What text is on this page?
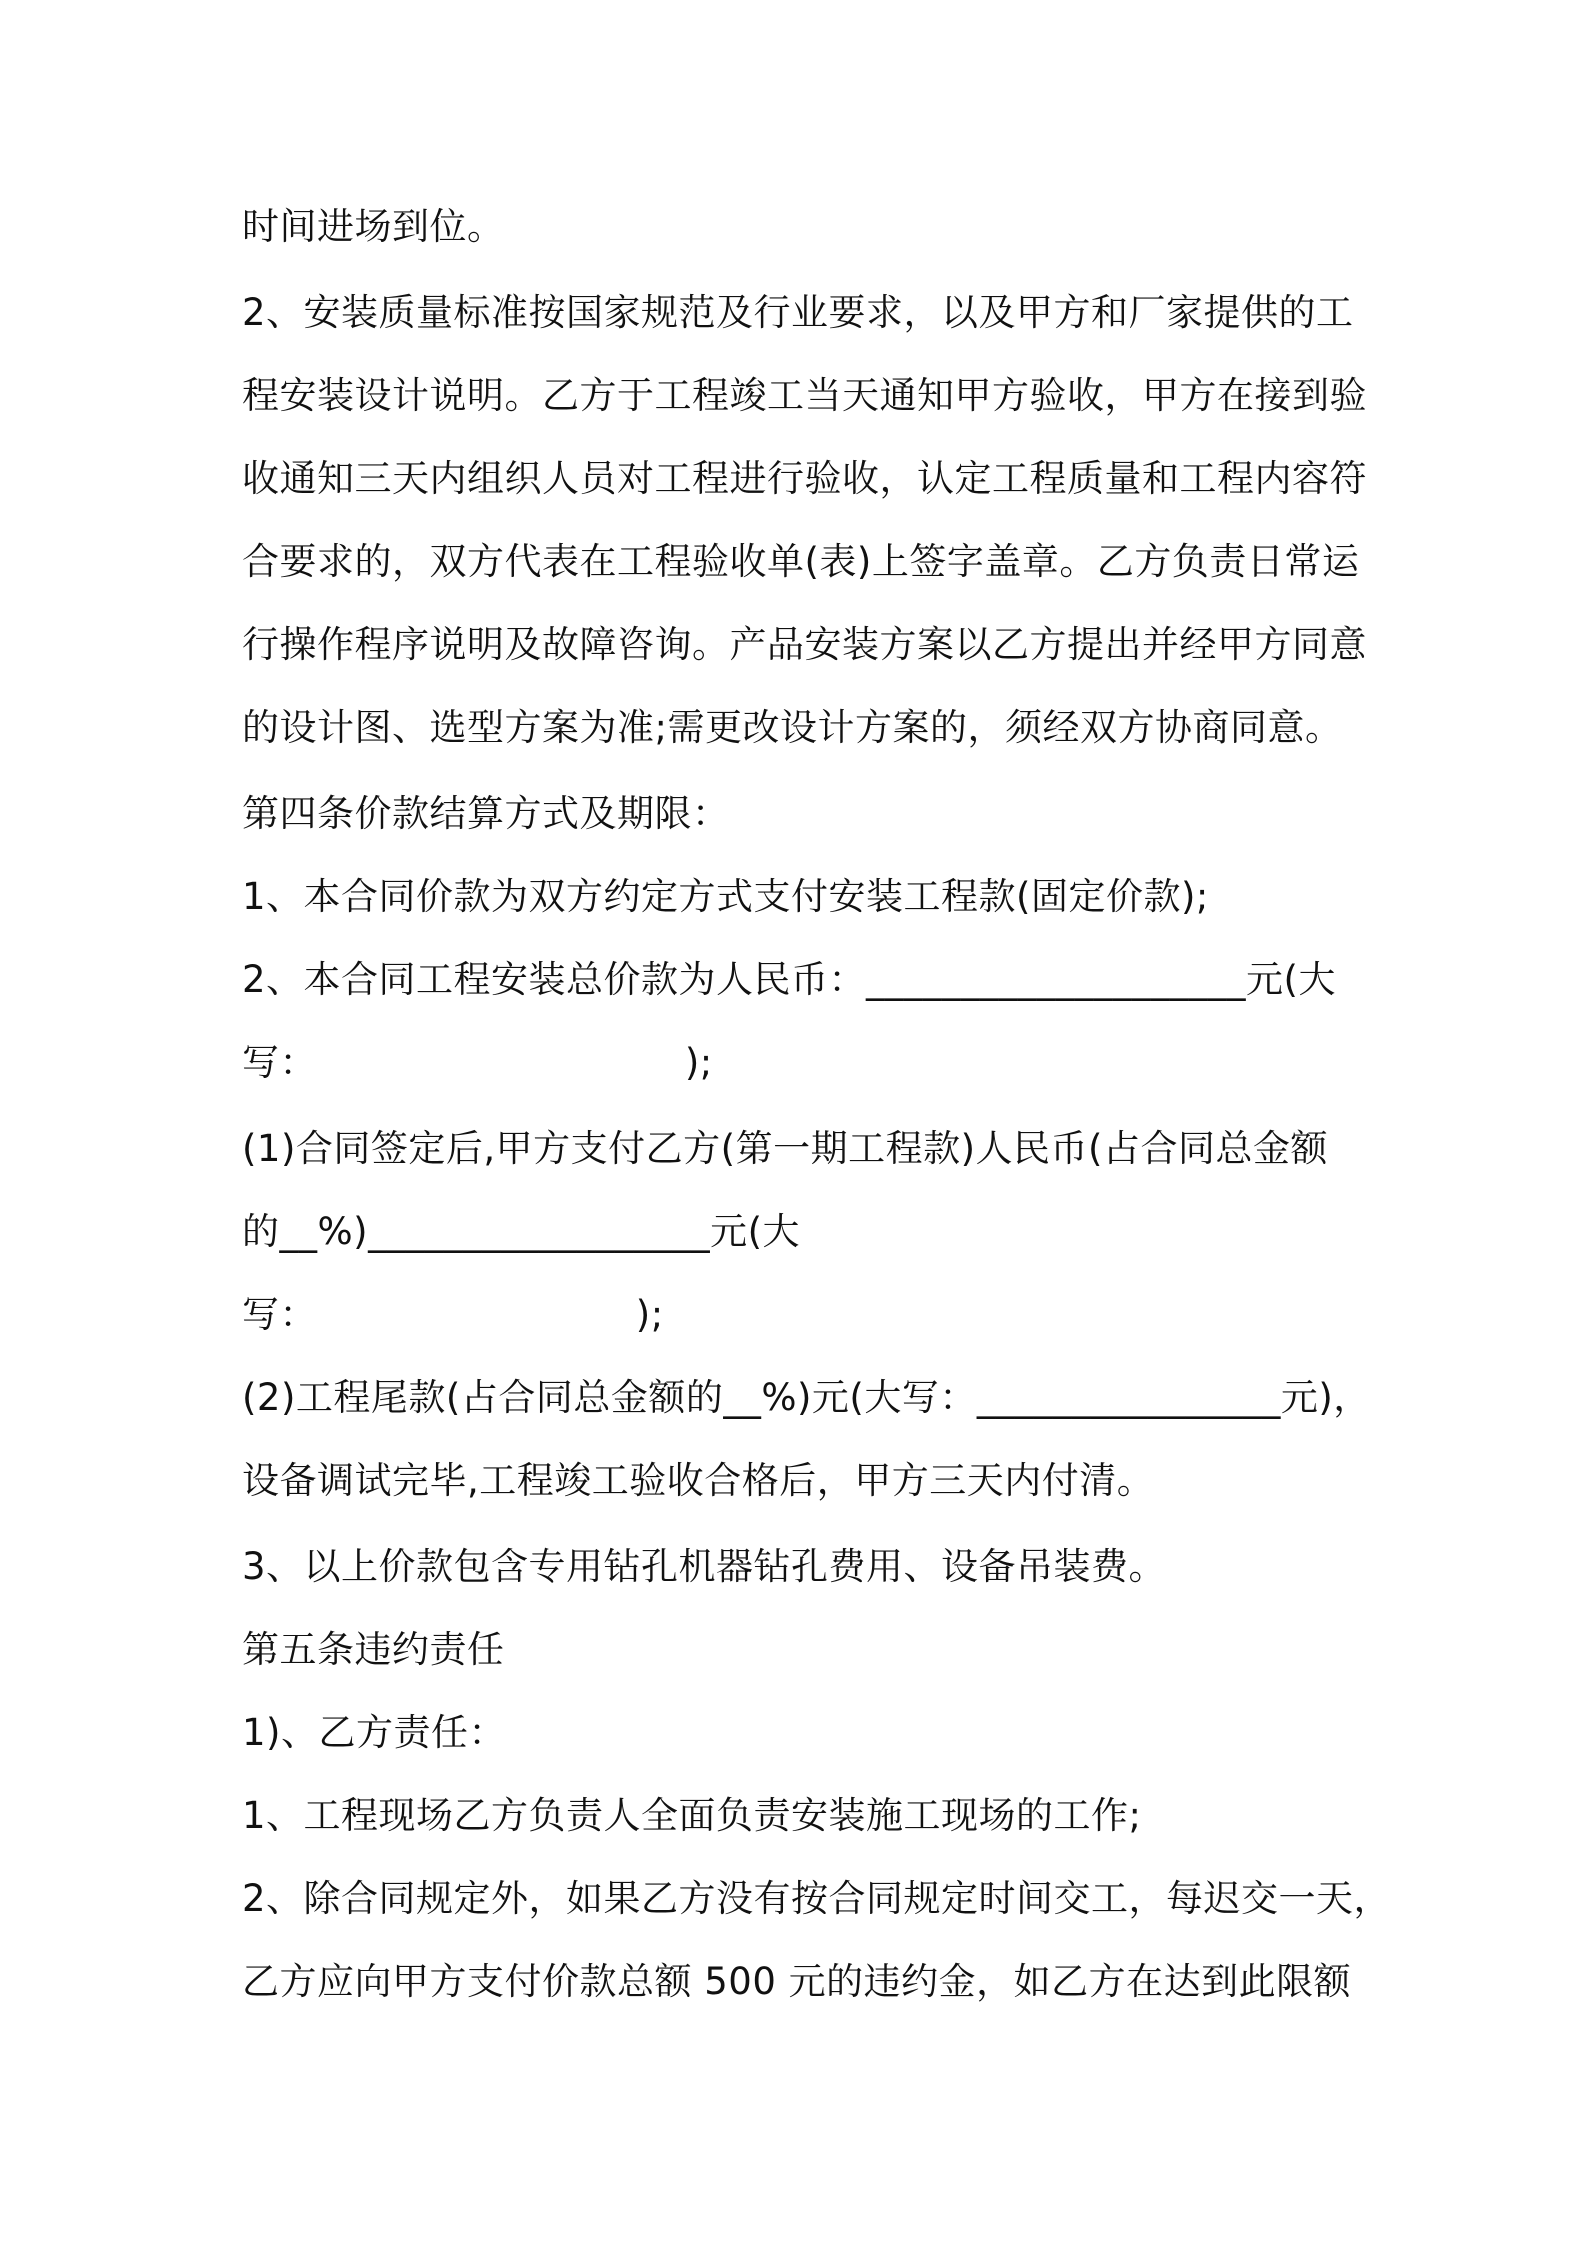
时间进场到位。
2、安装质量标准按国家规范及行业要求，以及甲方和厂家提供的工
程安装设计说明。乙方于工程竣工当天通知甲方验收，甲方在接到验
收通知三天内组织人员对工程进行验收，认定工程质量和工程内容符
合要求的，双方代表在工程验收单(表)上签字盖章。乙方负责日常运
行操作程序说明及故障咨询。产品安装方案以乙方提出并经甲方同意
的设计图、选型方案为准;需更改设计方案的，须经双方协商同意。
第四条价款结算方式及期限：
1、本合同价款为双方约定方式支付安装工程款(固定价款);
2、本合同工程安装总价款为人民币：____________________元(大
写：                              );
(1)合同签定后,甲方支付乙方(第一期工程款)人民币(占合同总金额
的__%)__________________元(大
写：                          );
(2)工程尾款(占合同总金额的__%)元(大写：________________元)，
设备调试完毕,工程竣工验收合格后，甲方三天内付清。
3、以上价款包含专用钻孔机器钻孔费用、设备吊装费。
第五条违约责任
1)、乙方责任：
1、工程现场乙方负责人全面负责安装施工现场的工作;
2、除合同规定外，如果乙方没有按合同规定时间交工，每迟交一天，
乙方应向甲方支付价款总额 500 元的违约金，如乙方在达到此限额
